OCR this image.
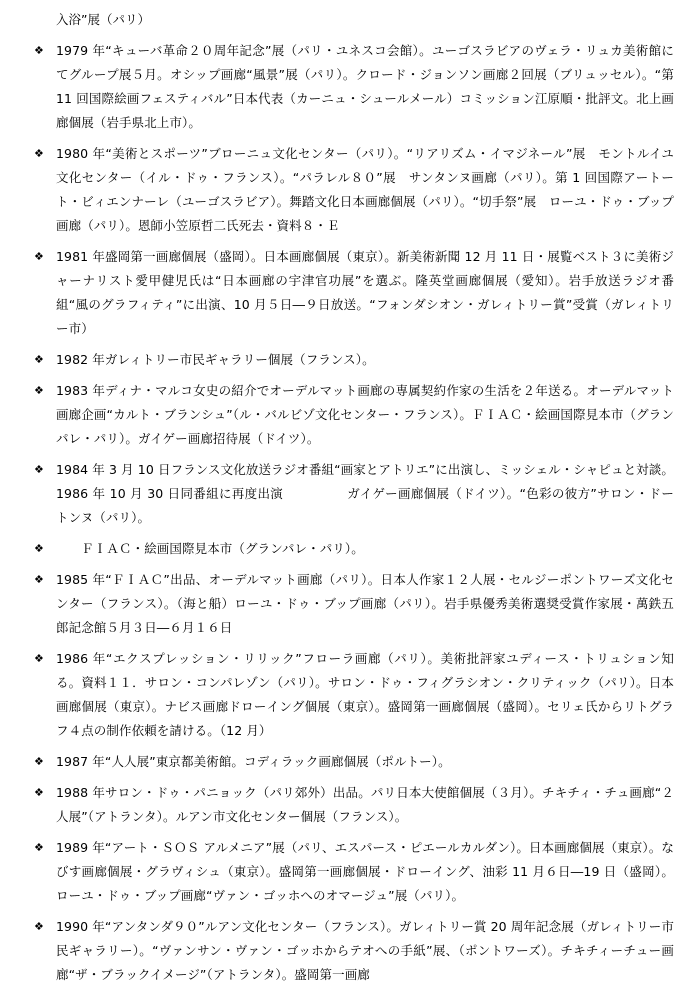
入浴”展（パリ）
❖ 1979 年“キューバ革命２０周年記念”展（パリ・ユネスコ会館）。ユーゴスラビアのヴェラ・リュカ美術館にてグループ展５月。オシップ画廊“風景”展（パリ）。クロード・ジョンソン画廊２回展（ブリュッセル）。“第 11 回国際絵画フェスティバル”日本代表（カーニュ・シュールメール）コミッション江原順・批評文。北上画廊個展（岩手県北上市）。
❖ 1980 年“美術とスポーツ”ブローニュ文化センター（パリ）。“リアリズム・イマジネール”展　モントルイユ文化センター（イル・ドゥ・フランス）。“パラレル８０”展　サンタンヌ画廊（パリ）。第 1 回国際アートート・ビィエンナーレ（ユーゴスラビア）。舞踏文化日本画廊個展（パリ）。“切手祭”展　ローユ・ドゥ・ブップ画廊（パリ）。恩師小笠原哲二氏死去・資料８・Ｅ
❖ 1981 年盛岡第一画廊個展（盛岡）。日本画廊個展（東京）。新美術新聞 12 月 11 日・展覧ベスト３に美術ジャーナリスト愛甲健児氏は“日本画廊の宇津官功展”を選ぶ。隆英堂画廊個展（愛知）。岩手放送ラジオ番組“風のグラフィティ”に出演、10 月５日―９日放送。“フォンダシオン・ガレィトリー賞”受賞（ガレィトリー市）
❖ 1982 年ガレィトリー市民ギャラリー個展（フランス）。
❖ 1983 年ディナ・マルコ女史の紹介でオーデルマット画廊の専属契約作家の生活を２年送る。オーデルマット画廊企画“カルト・ブランシュ”（ル・バルビゾ文化センター・フランス）。ＦＩＡＣ・絵画国際見本市（グランパレ・パリ）。ガイゲー画廊招待展（ドイツ）。
❖ 1984 年 3 月 10 日フランス文化放送ラジオ番組“画家とアトリエ”に出演し、ミッシェル・シャピュと対談。1986 年 10 月 30 日同番組に再度出演　　　　　ガイゲー画廊個展（ドイツ）。“色彩の彼方”サロン・ドートンヌ（パリ）。
❖ 　　ＦＩＡＣ・絵画国際見本市（グランパレ・パリ）。
❖ 1985 年“ＦＩＡＣ”出品、オーデルマット画廊（パリ）。日本人作家１２人展・セルジーポントワーズ文化センター（フランス）。（海と船）ローユ・ドゥ・ブップ画廊（パリ）。岩手県優秀美術選奨受賞作家展・萬鉄五郎記念館５月３日―６月１６日
❖ 1986 年“エクスプレッション・リリック”フローラ画廊（パリ）。美術批評家ユディース・トリュション知る。資料１１．サロン・コンパレゾン（パリ）。サロン・ドゥ・フィグラシオン・クリティック（パリ）。日本画廊個展（東京）。ナビス画廊ドローイング個展（東京）。盛岡第一画廊個展（盛岡）。セリェ氏からリトグラフ４点の制作依頼を請ける。（12 月）
❖ 1987 年“人人展”東京都美術館。コディラック画廊個展（ポルトー）。
❖ 1988 年サロン・ドゥ・パニョック（パリ郊外）出品。パリ日本大使館個展（３月）。チキチィ・チュ画廊“２人展”（アトランタ）。ルアン市文化センター個展（フランス）。
❖ 1989 年“アート・ＳＯＳ アルメニア”展（パリ、エスパース・ピエールカルダン）。日本画廊個展（東京）。なびす画廊個展・グラヴィシュ（東京）。盛岡第一画廊個展・ドローイング、油彩 11 月６日―19 日（盛岡）。ローユ・ドゥ・ブップ画廊“ヴァン・ゴッホへのオマージュ”展（パリ）。
❖ 1990 年“アンタンダ９０”ルアン文化センター（フランス）。ガレィトリー賞 20 周年記念展（ガレィトリー市民ギャラリー）。“ヴァンサン・ヴァン・ゴッホからテオへの手紙”展、（ポントワーズ）。チキチィーチュー画廊“ザ・ブラックイメージ”（アトランタ）。盛岡第一画廊
